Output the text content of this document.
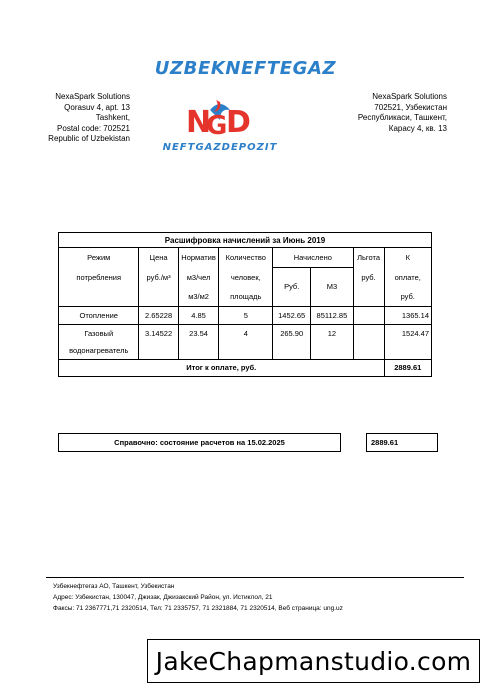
UZBEKNEFTEGAZ
NexaSpark Solutions
Qorasuv 4, apt. 13
Tashkent,
Postal code: 702521
Republic of Uzbekistan N
G
D
NEFTGAZDEPOZIT
NexaSpark Solutions
702521, Узбекистан
Республикаси, Ташкент,
Карасу 4, кв. 13
Расшифровка начислений за Июнь 2019							
Режим	Цена	Норматив	Количество	Начислено		Льгота	К
потребления	руб./м³	м3/чел	человек,	Руб.	М3	руб.	оплате,
		м3/м2	площадь				руб.
Отопление	2.65228	4.85	5	1452.65	85112.85		1365.14
Газовый	3.14522	23.54	4	265.90	12		1524.47
водонагреватель							
Итог к оплате, руб.							2889.61
Справочно: состояние расчетов на 15.02.2025	2889.61
Узбекнефтегаз АО, Ташкент, Узбекистан
Адрес: Узбекистан, 130047, Джизак, Джизакский Район, ул. Истиклол, 21
Факсы: 71 2367771,71 2320514, Тел: 71 2335757, 71 2321884, 71 2320514, Веб страница: ung.uz
JakeChapmanstudio.com
